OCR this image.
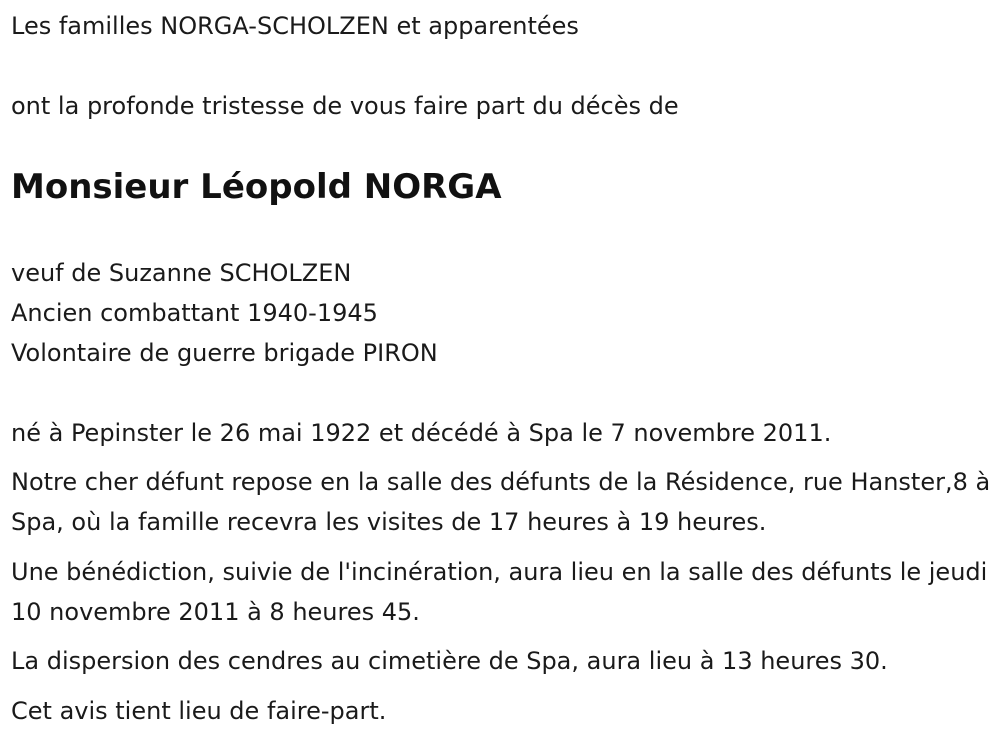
Les familles NORGA-SCHOLZEN et apparentées

ont la profonde tristesse de vous faire part du décès de

Monsieur Léopold NORGA

veuf de Suzanne SCHOLZEN

Ancien combattant 1940-1945

Volontaire de guerre brigade PIRON

né à Pepinster le 26 mai 1922 et décédé à Spa le 7 novembre 2011.

Notre cher défunt repose en la salle des défunts de la Résidence, rue Hanster,8 à Spa, où la famille recevra les visites de 17 heures à 19 heures.

Une bénédiction, suivie de l'incinération, aura lieu en la salle des défunts le jeudi 10 novembre 2011 à 8 heures 45.

La dispersion des cendres au cimetière de Spa, aura lieu à 13 heures 30.

Cet avis tient lieu de faire-part.
